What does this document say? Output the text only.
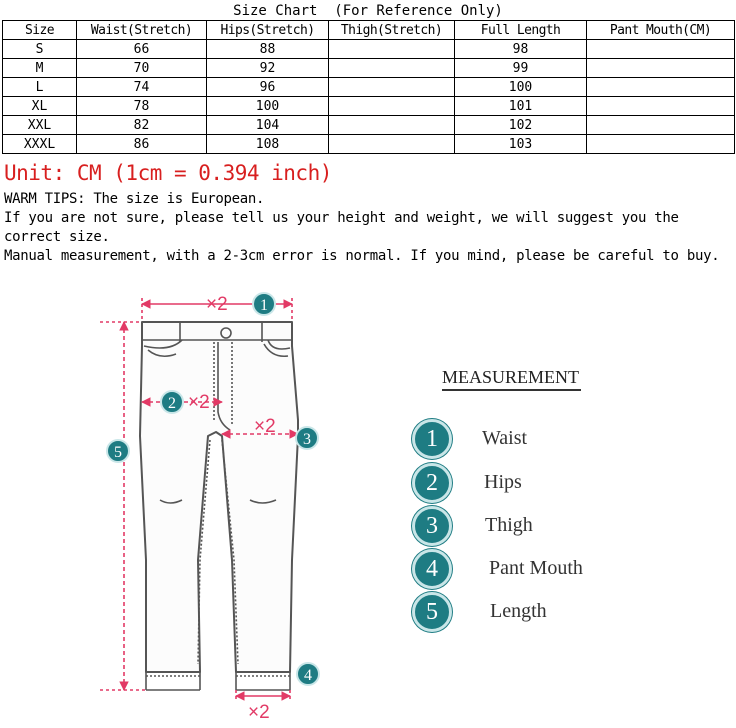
Size Chart  (For Reference Only)
Size	Waist(Stretch)	Hips(Stretch)	Thigh(Stretch)	Full Length	Pant Mouth(CM)
S	66	88		98	
M	70	92		99	
L	74	96		100	
XL	78	100		101	
XXL	82	104		102	
XXXL	86	108		103	
Unit: CM (1cm = 0.394 inch)

WARM TIPS: The size is European.

If you are not sure, please tell us your height and weight, we will suggest you the correct size.

Manual measurement, with a 2-3cm error is normal. If you mind, please be careful to buy.

×2
×2
×2
×2
1
2
3
4
5
MEASUREMENT
1	Waist
2	Hips
3	Thigh
4	Pant Mouth
5	Length
